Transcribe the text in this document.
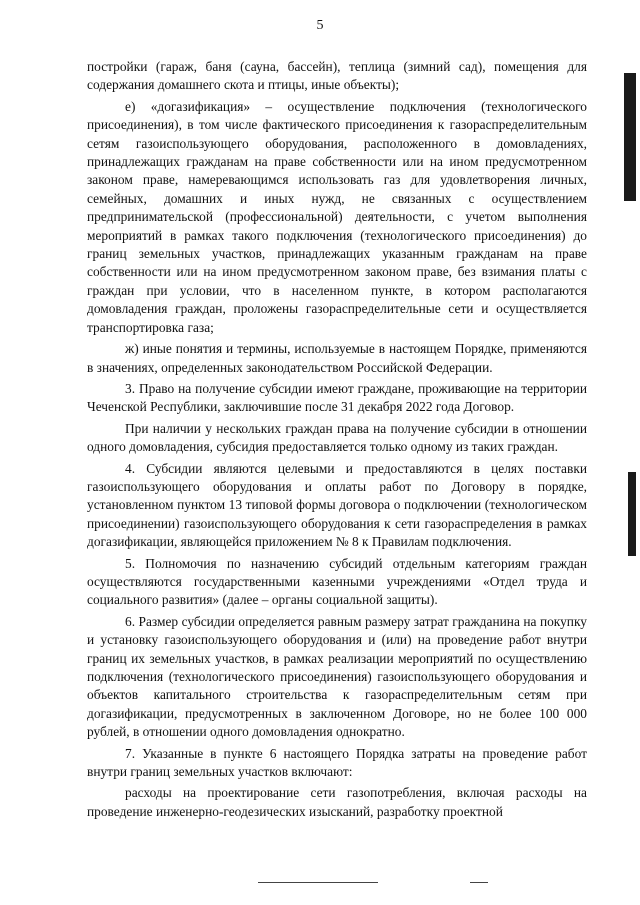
5

постройки (гараж, баня (сауна, бассейн), теплица (зимний сад), помещения для содержания домашнего скота и птицы, иные объекты);

е) «догазификация» – осуществление подключения (технологического присоединения), в том числе фактического присоединения к газораспределительным сетям газоиспользующего оборудования, расположенного в домовладениях, принадлежащих гражданам на праве собственности или на ином предусмотренном законом праве, намеревающимся использовать газ для удовлетворения личных, семейных, домашних и иных нужд, не связанных с осуществлением предпринимательской (профессиональной) деятельности, с учетом выполнения мероприятий в рамках такого подключения (технологического присоединения) до границ земельных участков, принадлежащих указанным гражданам на праве собственности или на ином предусмотренном законом праве, без взимания платы с граждан при условии, что в населенном пункте, в котором располагаются домовладения граждан, проложены газораспределительные сети и осуществляется транспортировка газа;

ж) иные понятия и термины, используемые в настоящем Порядке, применяются в значениях, определенных законодательством Российской Федерации.

3. Право на получение субсидии имеют граждане, проживающие на территории Чеченской Республики, заключившие после 31 декабря 2022 года Договор.

При наличии у нескольких граждан права на получение субсидии в отношении одного домовладения, субсидия предоставляется только одному из таких граждан.

4. Субсидии являются целевыми и предоставляются в целях поставки газоиспользующего оборудования и оплаты работ по Договору в порядке, установленном пунктом 13 типовой формы договора о подключении (технологическом присоединении) газоиспользующего оборудования к сети газораспределения в рамках догазификации, являющейся приложением № 8 к Правилам подключения.

5. Полномочия по назначению субсидий отдельным категориям граждан осуществляются государственными казенными учреждениями «Отдел труда и социального развития» (далее – органы социальной защиты).

6. Размер субсидии определяется равным размеру затрат гражданина на покупку и установку газоиспользующего оборудования и (или) на проведение работ внутри границ их земельных участков, в рамках реализации мероприятий по осуществлению подключения (технологического присоединения) газоиспользующего оборудования и объектов капитального строительства к газораспределительным сетям при догазификации, предусмотренных в заключенном Договоре, но не более 100 000 рублей, в отношении одного домовладения однократно.

7. Указанные в пункте 6 настоящего Порядка затраты на проведение работ внутри границ земельных участков включают:

расходы на проектирование сети газопотребления, включая расходы на проведение инженерно-геодезических изысканий, разработку проектной
